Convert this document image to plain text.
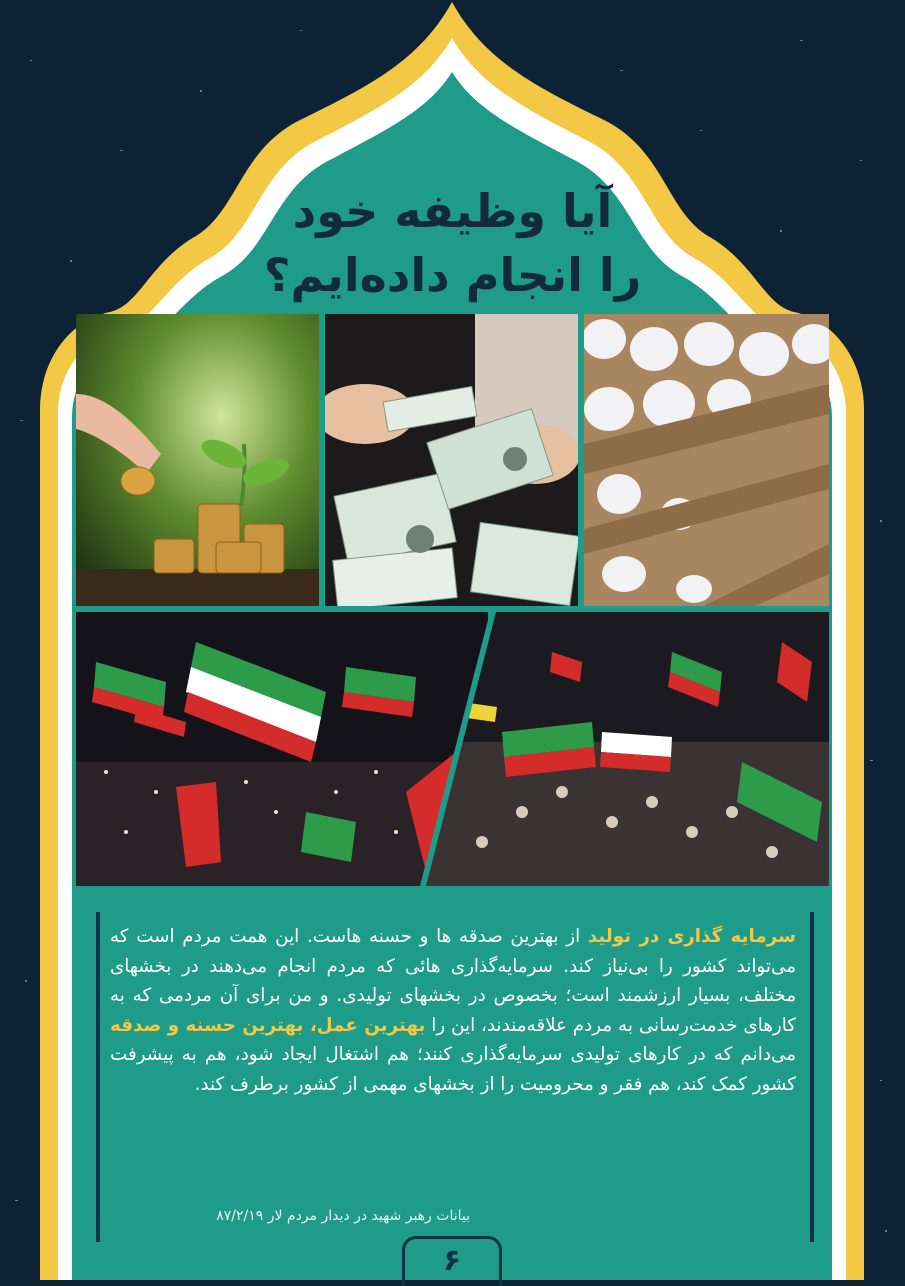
آیا وظیفه خود
را انجام داده‌ایم؟
سرمایه گذاری در تولید از بهترین صدقه ها و حسنه هاست. این همت مردم است که می‌تواند کشور را بی‌نیاز کند. سرمایه‌گذاری هائی که مردم انجام می‌دهند در بخشهای مختلف، بسیار ارزشمند است؛ بخصوص در بخشهای تولیدی. و من برای آن مردمی که به کارهای خدمت‌رسانی به مردم علاقه‌مندند، این را بهترین عمل، بهترین حسنه و صدقه می‌دانم که در کارهای تولیدی سرمایه‌گذاری کنند؛ هم اشتغال ایجاد شود، هم به پیشرفت کشور کمک کند، هم فقر و محرومیت را از بخشهای مهمی از کشور برطرف کند.
بیانات رهبر شهید در دیدار مردم لار ۸۷/۲/۱۹
۶
